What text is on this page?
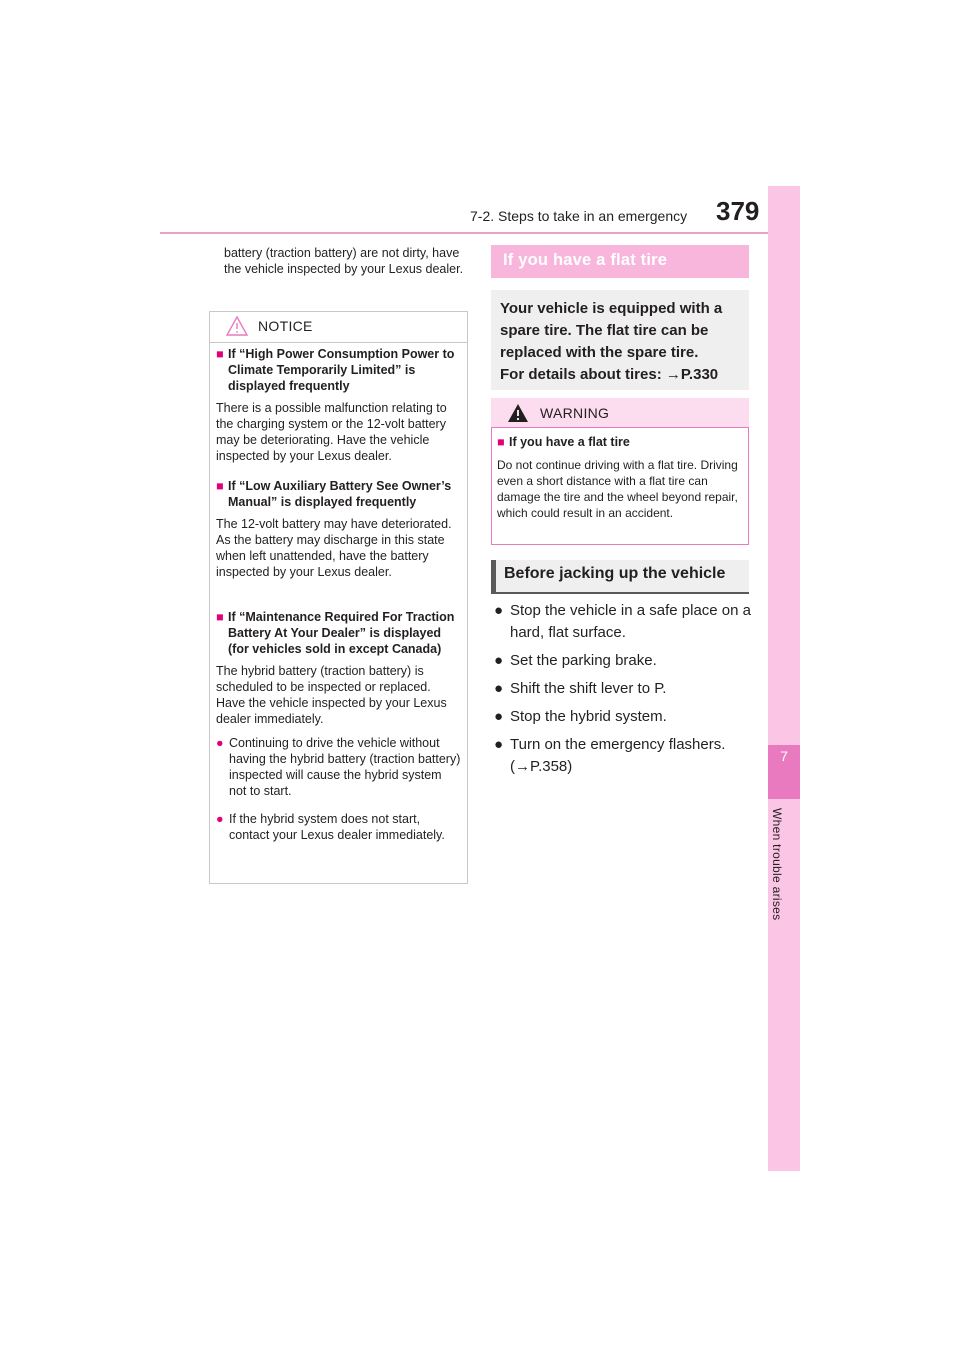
7-2. Steps to take in an emergency 379
7
When trouble arises
battery (traction battery) are not dirty, have the vehicle inspected by your Lexus dealer.
NOTICE
■ If “High Power Consumption Power to Climate Temporarily Limited” is displayed frequently
There is a possible malfunction relating to the charging system or the 12-volt battery may be deteriorating. Have the vehicle inspected by your Lexus dealer.
■ If “Low Auxiliary Battery See Owner’s Manual” is displayed frequently
The 12-volt battery may have deteriorated. As the battery may discharge in this state when left unattended, have the battery inspected by your Lexus dealer.
■ If “Maintenance Required For Traction Battery At Your Dealer” is displayed (for vehicles sold in except Canada)
The hybrid battery (traction battery) is scheduled to be inspected or replaced. Have the vehicle inspected by your Lexus dealer immediately.
● Continuing to drive the vehicle without having the hybrid battery (traction battery) inspected will cause the hybrid system not to start.
● If the hybrid system does not start, contact your Lexus dealer immediately.
If you have a flat tire
Your vehicle is equipped with a spare tire. The flat tire can be replaced with the spare tire.
For details about tires: →P.330
WARNING
■ If you have a flat tire
Do not continue driving with a flat tire. Driving even a short distance with a flat tire can damage the tire and the wheel beyond repair, which could result in an accident.
Before jacking up the vehicle
● Stop the vehicle in a safe place on a hard, flat surface.
● Set the parking brake.
● Shift the shift lever to P.
● Stop the hybrid system.
● Turn on the emergency flashers. (→P.358)
